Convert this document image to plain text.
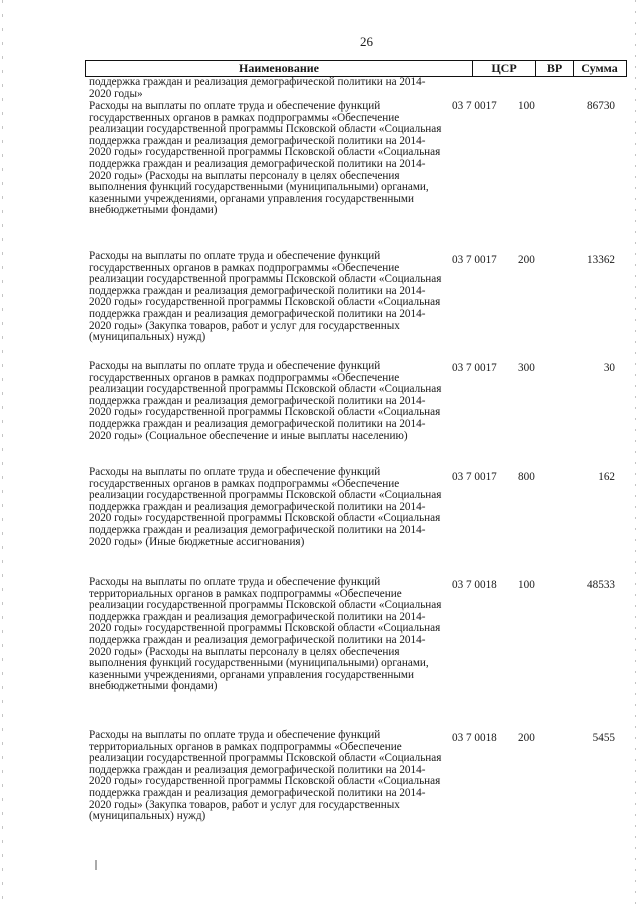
26
Наименование	ЦСР	ВР	Сумма
поддержка граждан и реализация демографической политики на 2014-2020 годы»
Расходы на выплаты по оплате труда и обеспечение функций государственных органов в рамках подпрограммы «Обеспечение реализации государственной программы Псковской области «Социальная поддержка граждан и реализация демографической политики на 2014-2020 годы» государственной программы Псковской области «Социальная поддержка граждан и реализация демографической политики на 2014-2020 годы» (Расходы на выплаты персоналу в целях обеспечения выполнения функций государственными (муниципальными) органами, казенными учреждениями, органами управления государственными внебюджетными фондами)
03 7 0017	100	86730
Расходы на выплаты по оплате труда и обеспечение функций государственных органов в рамках подпрограммы «Обеспечение реализации государственной программы Псковской области «Социальная поддержка граждан и реализация демографической политики на 2014-2020 годы» государственной программы Псковской области «Социальная поддержка граждан и реализация демографической политики на 2014-2020 годы» (Закупка товаров, работ и услуг для государственных (муниципальных) нужд)
03 7 0017	200	13362
Расходы на выплаты по оплате труда и обеспечение функций государственных органов в рамках подпрограммы «Обеспечение реализации государственной программы Псковской области «Социальная поддержка граждан и реализация демографической политики на 2014-2020 годы» государственной программы Псковской области «Социальная поддержка граждан и реализация демографической политики на 2014-2020 годы» (Социальное обеспечение и иные выплаты населению)
03 7 0017	300	30
Расходы на выплаты по оплате труда и обеспечение функций государственных органов в рамках подпрограммы «Обеспечение реализации государственной программы Псковской области «Социальная поддержка граждан и реализация демографической политики на 2014-2020 годы» государственной программы Псковской области «Социальная поддержка граждан и реализация демографической политики на 2014-2020 годы» (Иные бюджетные ассигнования)
03 7 0017	800	162
Расходы на выплаты по оплате труда и обеспечение функций территориальных органов в рамках подпрограммы «Обеспечение реализации государственной программы Псковской области «Социальная поддержка граждан и реализация демографической политики на 2014-2020 годы» государственной программы Псковской области «Социальная поддержка граждан и реализация демографической политики на 2014-2020 годы» (Расходы на выплаты персоналу в целях обеспечения выполнения функций государственными (муниципальными) органами, казенными учреждениями, органами управления государственными внебюджетными фондами)
03 7 0018	100	48533
Расходы на выплаты по оплате труда и обеспечение функций территориальных органов в рамках подпрограммы «Обеспечение реализации государственной программы Псковской области «Социальная поддержка граждан и реализация демографической политики на 2014-2020 годы» государственной программы Псковской области «Социальная поддержка граждан и реализация демографической политики на 2014-2020 годы» (Закупка товаров, работ и услуг для государственных (муниципальных) нужд)
03 7 0018	200	5455
